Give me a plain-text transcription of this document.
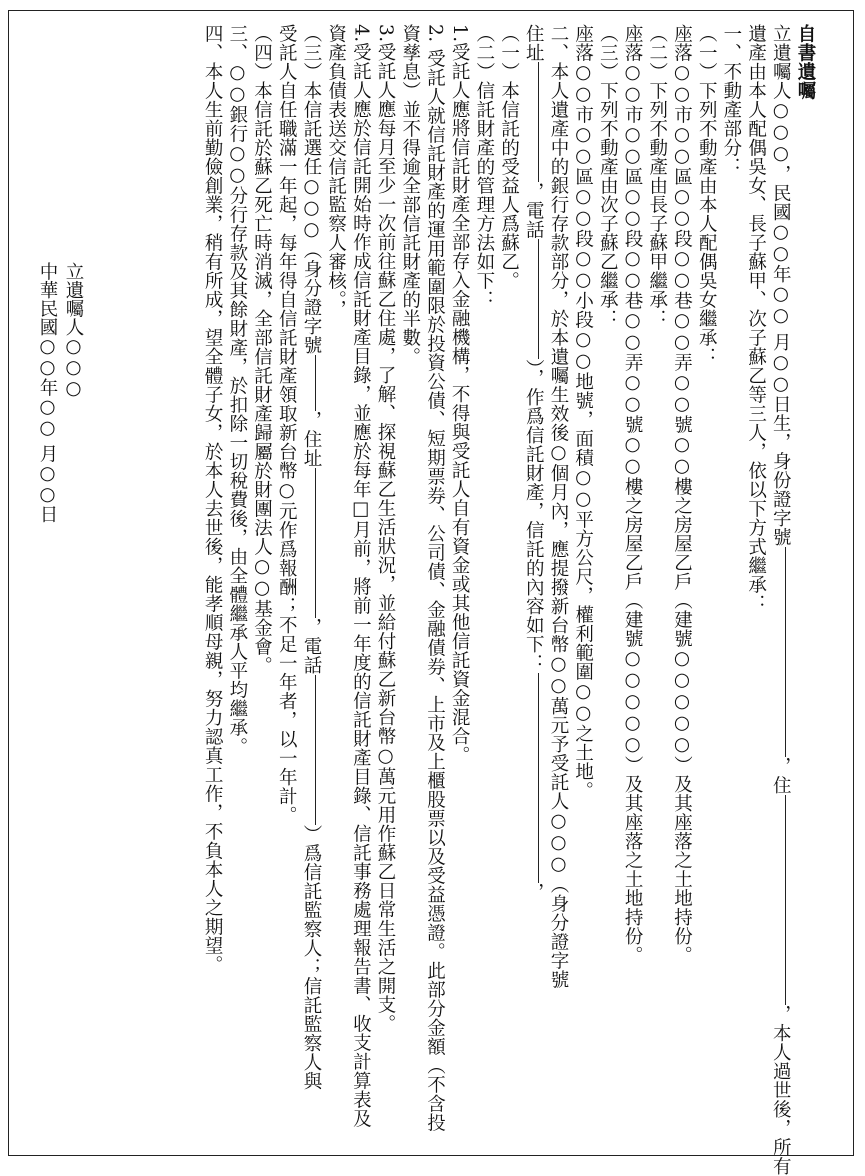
自書遺囑

立遺囑人○○○，民國○○年○○ 月○○日生，身份證字號，住，本人過世後，所有

遺產由本人配偶吳女、長子蘇甲、次子蘇乙等三人，依以下方式繼承：

一、不動產部分：

（一）下列不動產由本人配偶吳女繼承：

座落○○市○○區○○段○○巷○○弄○○號○○樓之房屋乙戶（建號○○○○○）及其座落之土地持份。

（二）下列不動產由長子蘇甲繼承：

座落○○市○○區○○段○○巷○○弄○○號○○樓之房屋乙戶（建號○○○○○）及其座落之土地持份。

（三）下列不動產由次子蘇乙繼承：

座落○○市○○區○○段○○小段○○地號，面積○○平方公尺，權利範圍○○之土地。

二、本人遺產中的銀行存款部分，於本遺囑生效後○個月內，應提撥新台幣○○萬元予受託人○○○（身分證字號

住址，電話），作爲信託財產，信託的內容如下：，

（一）本信託的受益人爲蘇乙。

（二）信託財產的管理方法如下：

1.受託人應將信託財產全部存入金融機構，不得與受託人自有資金或其他信託資金混合。

2. 受託人就信託財產的運用範圍限於投資公債、短期票券、公司債、金融債券、上市及上櫃股票以及受益憑證。此部分金額（不含投

資孳息）並不得逾全部信託財產的半數。

3.受託人應每月至少一次前往蘇乙住處，了解、探視蘇乙生活狀況，並給付蘇乙新台幣○萬元用作蘇乙日常生活之開支。

4.受託人應於信託開始時作成信託財產目錄，並應於每年□月前，將前一年度的信託財產目錄、信託事務處理報告書、收支計算表及

資產負債表送交信託監察人審核。，

（三）本信託選任○○○（身分證字號，住址，電話）爲信託監察人；信託監察人與

受託人自任職滿一年起，每年得自信託財產領取新台幣○元作爲報酬；不足一年者，以一年計。

（四）本信託於蘇乙死亡時消滅，全部信託財產歸屬於財團法人○○基金會。

三、○○銀行○○分行存款及其餘財產，於扣除一切稅費後，由全體繼承人平均繼承。

四、本人生前勤儉創業，稍有所成，望全體子女，於本人去世後，能孝順母親，努力認真工作，不負本人之期望。

立遺囑人○○○

中華民國○○年○○ 月○○日
